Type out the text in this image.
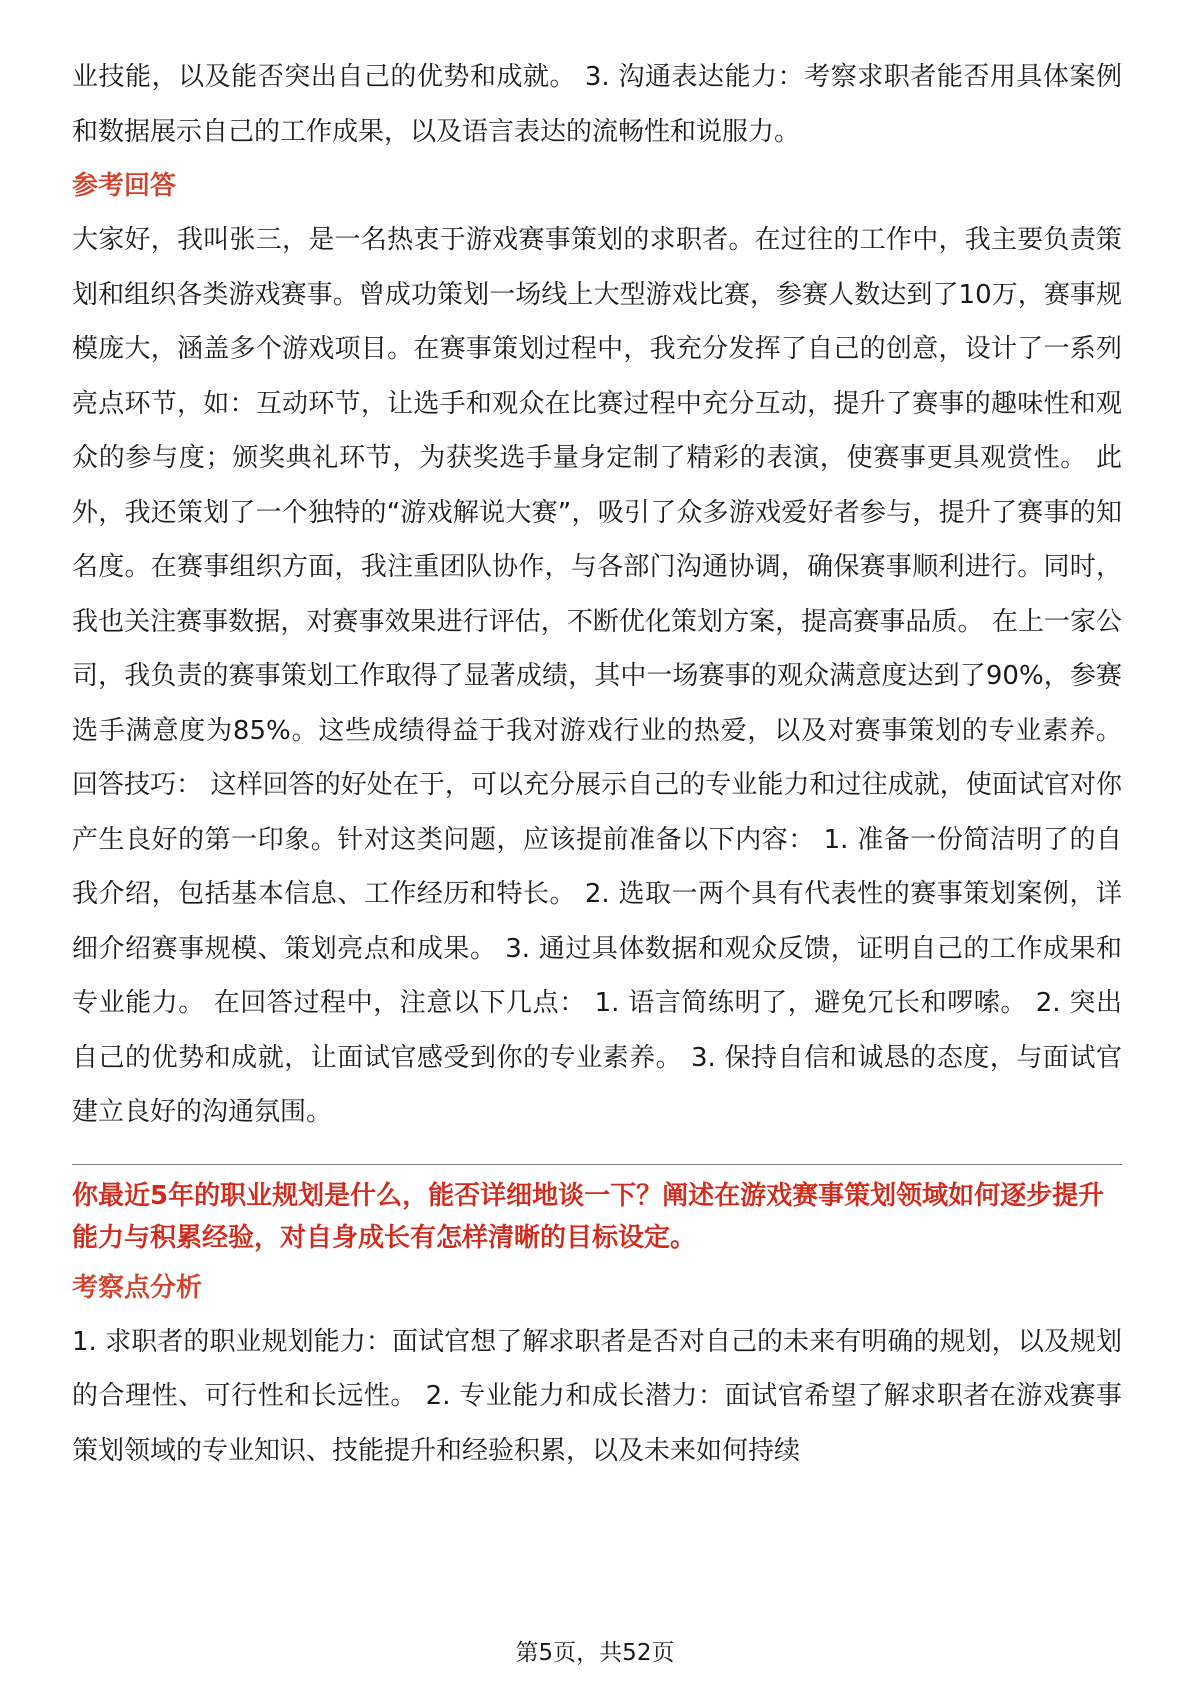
业技能，以及能否突出自己的优势和成就。 3. 沟通表达能力：考察求职者能否用具体案例和数据展示自己的工作成果，以及语言表达的流畅性和说服力。

参考回答

大家好，我叫张三，是一名热衷于游戏赛事策划的求职者。在过往的工作中，我主要负责策划和组织各类游戏赛事。曾成功策划一场线上大型游戏比赛，参赛人数达到了10万，赛事规模庞大，涵盖多个游戏项目。在赛事策划过程中，我充分发挥了自己的创意，设计了一系列亮点环节，如：互动环节，让选手和观众在比赛过程中充分互动，提升了赛事的趣味性和观众的参与度；颁奖典礼环节，为获奖选手量身定制了精彩的表演，使赛事更具观赏性。 此外，我还策划了一个独特的“游戏解说大赛”，吸引了众多游戏爱好者参与，提升了赛事的知名度。在赛事组织方面，我注重团队协作，与各部门沟通协调，确保赛事顺利进行。同时，我也关注赛事数据，对赛事效果进行评估，不断优化策划方案，提高赛事品质。 在上一家公司，我负责的赛事策划工作取得了显著成绩，其中一场赛事的观众满意度达到了90%，参赛选手满意度为85%。这些成绩得益于我对游戏行业的热爱，以及对赛事策划的专业素养。 回答技巧： 这样回答的好处在于，可以充分展示自己的专业能力和过往成就，使面试官对你产生良好的第一印象。针对这类问题，应该提前准备以下内容： 1. 准备一份简洁明了的自我介绍，包括基本信息、工作经历和特长。 2. 选取一两个具有代表性的赛事策划案例，详细介绍赛事规模、策划亮点和成果。 3. 通过具体数据和观众反馈，证明自己的工作成果和专业能力。 在回答过程中，注意以下几点： 1. 语言简练明了，避免冗长和啰嗦。 2. 突出自己的优势和成就，让面试官感受到你的专业素养。 3. 保持自信和诚恳的态度，与面试官建立良好的沟通氛围。

你最近5年的职业规划是什么，能否详细地谈一下？阐述在游戏赛事策划领域如何逐步提升能力与积累经验，对自身成长有怎样清晰的目标设定。

考察点分析

1. 求职者的职业规划能力：面试官想了解求职者是否对自己的未来有明确的规划，以及规划的合理性、可行性和长远性。 2. 专业能力和成长潜力：面试官希望了解求职者在游戏赛事策划领域的专业知识、技能提升和经验积累，以及未来如何持续

第5页，共52页
